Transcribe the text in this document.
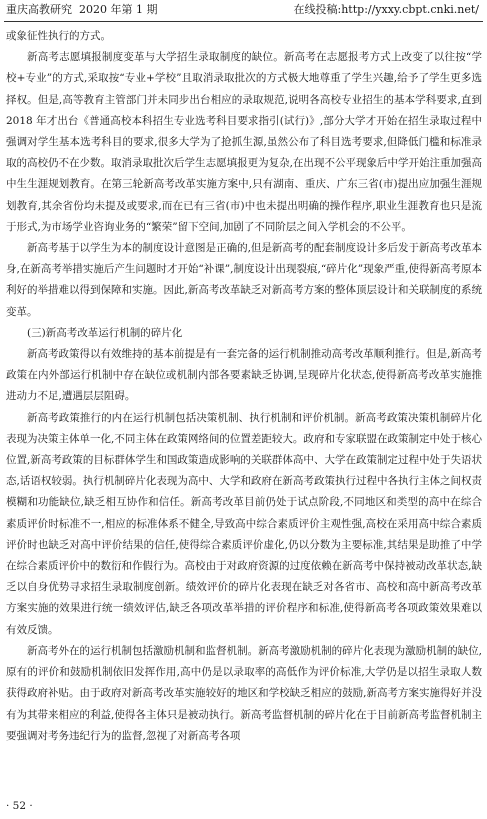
重庆高教研究 2020 年第 1 期	在线投稿:http://yxxy.cbpt.cnki.net/

或象征性执行的方式。

新高考志愿填报制度变革与大学招生录取制度的缺位。新高考在志愿报考方式上改变了以往按“学校+专业”的方式,采取按“专业+学校”且取消录取批次的方式极大地尊重了学生兴趣,给予了学生更多选择权。但是,高等教育主管部门并未同步出台相应的录取规范,说明各高校专业招生的基本学科要求,直到 2018 年才出台《普通高校本科招生专业选考科目要求指引(试行)》,部分大学才开始在招生录取过程中强调对学生基本选考科目的要求,很多大学为了抢抓生源,虽然公布了科目选考要求,但降低门槛和标准录取的高校仍不在少数。取消录取批次后学生志愿填报更为复杂,在出现不公平现象后中学开始注重加强高中生生涯规划教育。在第三轮新高考改革实施方案中,只有湖南、重庆、广东三省(市)提出应加强生涯规划教育,其余省份均未提及或要求,而在已有三省(市)中也未提出明确的操作程序,职业生涯教育也只是流于形式,为市场学业咨询业务的“繁荣”留下空间,加剧了不同阶层之间入学机会的不公平。

新高考基于以学生为本的制度设计意图是正确的,但是新高考的配套制度设计多后发于新高考改革本身,在新高考举措实施后产生问题时才开始“补课”,制度设计出现裂痕,“碎片化”现象严重,使得新高考原本利好的举措难以得到保障和实施。因此,新高考改革缺乏对新高考方案的整体顶层设计和关联制度的系统变革。

(三)新高考改革运行机制的碎片化

新高考政策得以有效维持的基本前提是有一套完备的运行机制推动高考改革顺利推行。但是,新高考政策在内外部运行机制中存在缺位或机制内部各要素缺乏协调,呈现碎片化状态,使得新高考改革实施推进动力不足,遭遇层层阻碍。

新高考政策推行的内在运行机制包括决策机制、执行机制和评价机制。新高考政策决策机制碎片化表现为决策主体单一化,不同主体在政策网络间的位置差距较大。政府和专家联盟在政策制定中处于核心位置,新高考政策的目标群体学生和国政策造成影响的关联群体高中、大学在政策制定过程中处于失语状态,话语权较弱。执行机制碎片化表现为高中、大学和政府在新高考政策执行过程中各执行主体之间权责模糊和功能缺位,缺乏相互协作和信任。新高考改革目前仍处于试点阶段,不同地区和类型的高中在综合素质评价时标准不一,相应的标准体系不健全,导致高中综合素质评价主观性强,高校在采用高中综合素质评价时也缺乏对高中评价结果的信任,使得综合素质评价虚化,仍以分数为主要标准,其结果是助推了中学在综合素质评价中的数衍和作假行为。高校由于对政府资源的过度依赖在新高考中保持被动改革状态,缺乏以自身优势寻求招生录取制度创新。绩效评价的碎片化表现在缺乏对各省市、高校和高中新高考改革方案实施的效果进行统一绩效评估,缺乏各项改革举措的评价程序和标准,使得新高考各项政策效果难以有效反馈。

新高考外在的运行机制包括激励机制和监督机制。新高考激励机制的碎片化表现为激励机制的缺位,原有的评价和鼓励机制依旧发挥作用,高中仍是以录取率的高低作为评价标准,大学仍是以招生录取人数获得政府补贴。由于政府对新高考改革实施较好的地区和学校缺乏相应的鼓励,新高考方案实施得好并没有为其带来相应的利益,使得各主体只是被动执行。新高考监督机制的碎片化在于目前新高考监督机制主要强调对考务违纪行为的监督,忽视了对新高考各项

· 52 ·
